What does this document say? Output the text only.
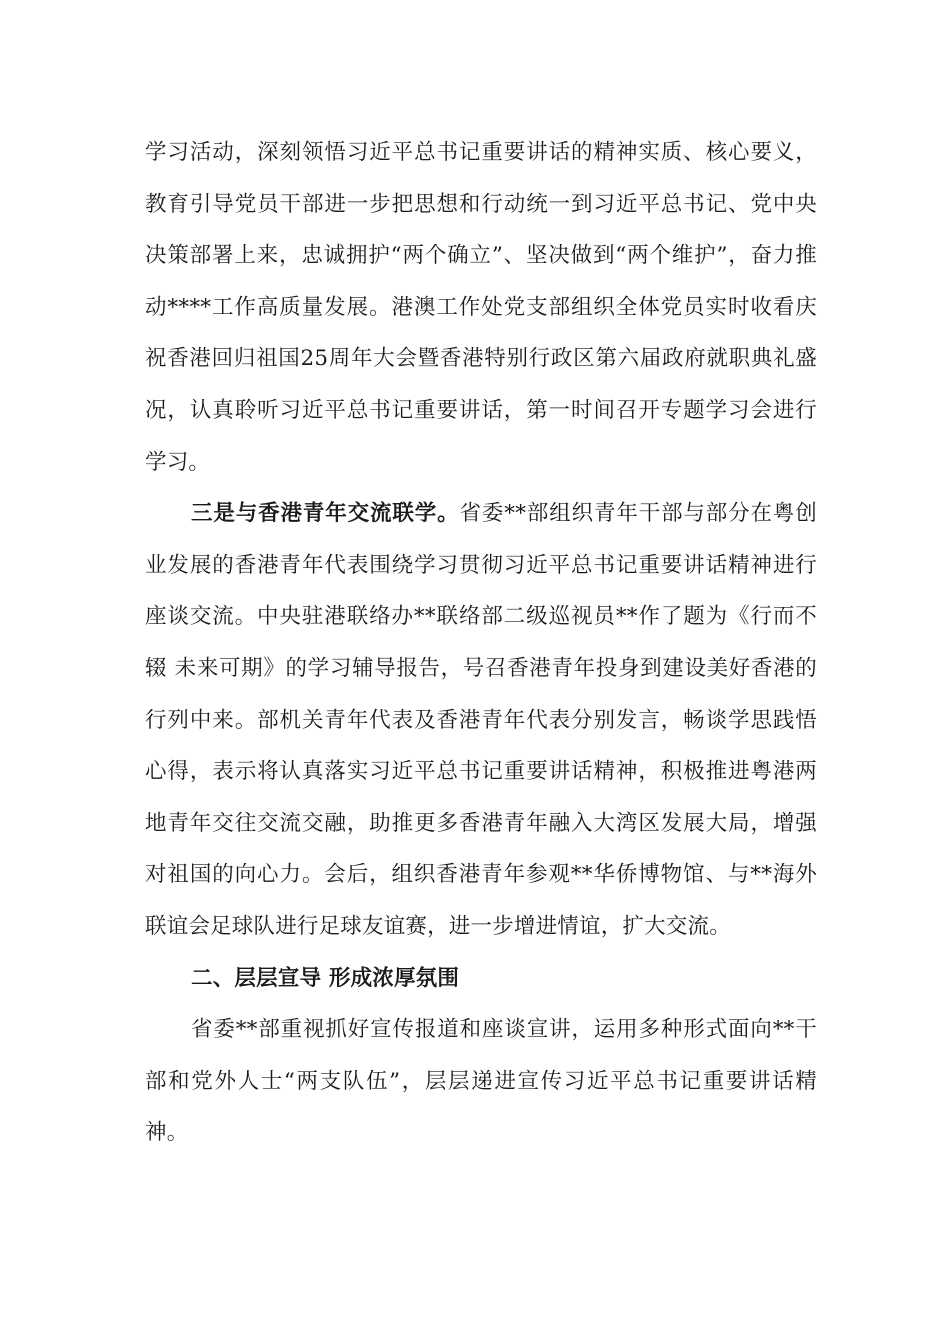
学习活动，深刻领悟习近平总书记重要讲话的精神实质、核心要义，教育引导党员干部进一步把思想和行动统一到习近平总书记、党中央决策部署上来，忠诚拥护“两个确立”、坚决做到“两个维护”，奋力推动****工作高质量发展。港澳工作处党支部组织全体党员实时收看庆祝香港回归祖国25周年大会暨香港特别行政区第六届政府就职典礼盛况，认真聆听习近平总书记重要讲话，第一时间召开专题学习会进行学习。

三是与香港青年交流联学。省委**部组织青年干部与部分在粤创业发展的香港青年代表围绕学习贯彻习近平总书记重要讲话精神进行座谈交流。中央驻港联络办**联络部二级巡视员**作了题为《行而不辍 未来可期》的学习辅导报告，号召香港青年投身到建设美好香港的行列中来。部机关青年代表及香港青年代表分别发言，畅谈学思践悟心得，表示将认真落实习近平总书记重要讲话精神，积极推进粤港两地青年交往交流交融，助推更多香港青年融入大湾区发展大局，增强对祖国的向心力。会后，组织香港青年参观**华侨博物馆、与**海外联谊会足球队进行足球友谊赛，进一步增进情谊，扩大交流。

二、层层宣导 形成浓厚氛围

省委**部重视抓好宣传报道和座谈宣讲，运用多种形式面向**干部和党外人士“两支队伍”，层层递进宣传习近平总书记重要讲话精神。
